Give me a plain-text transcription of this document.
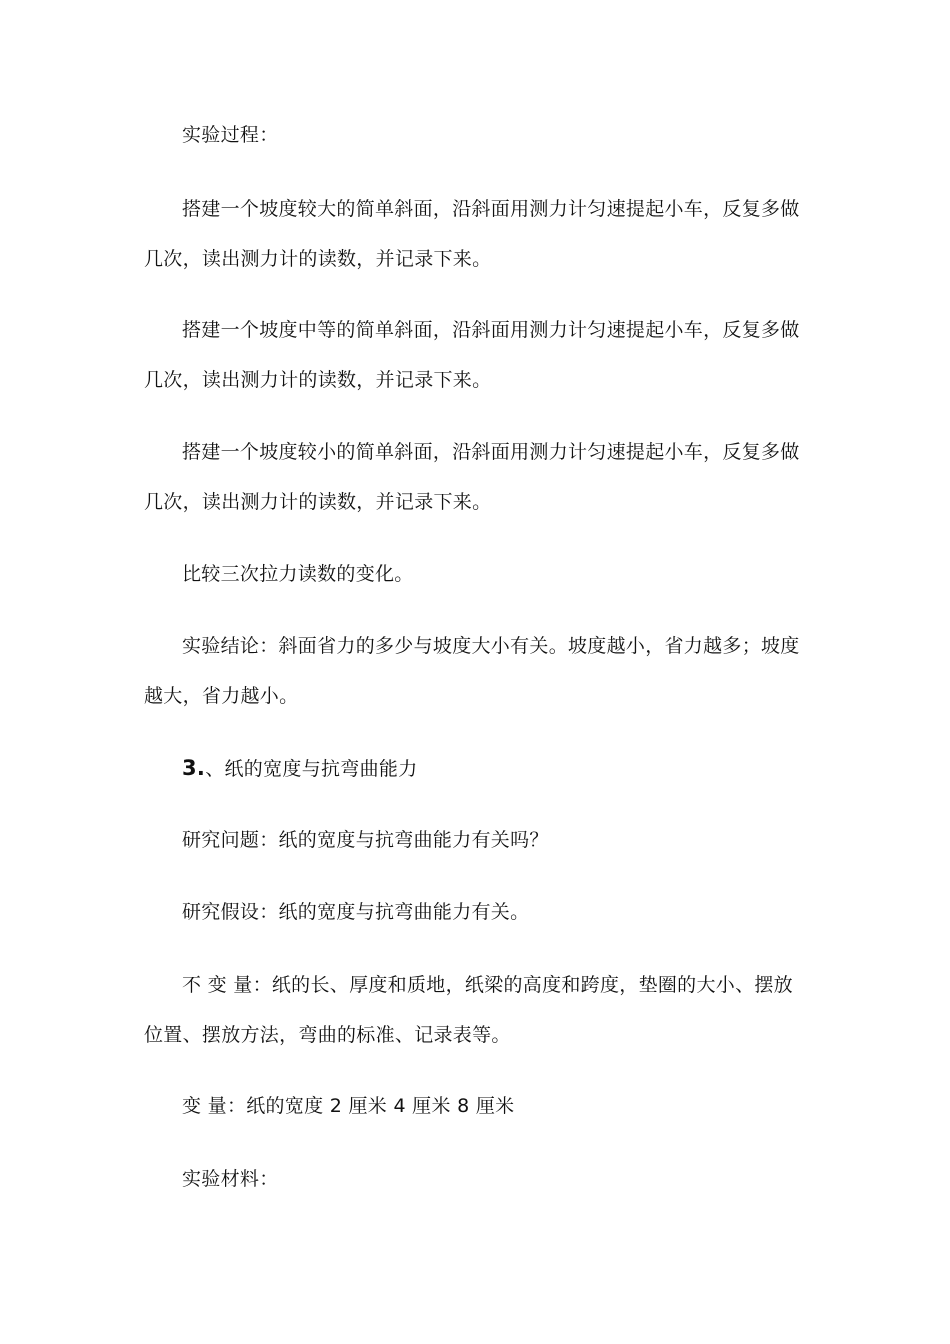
实验过程：
搭建一个坡度较大的简单斜面，沿斜面用测力计匀速提起小车，反复多做几次，读出测力计的读数，并记录下来。
搭建一个坡度中等的简单斜面，沿斜面用测力计匀速提起小车，反复多做几次，读出测力计的读数，并记录下来。
搭建一个坡度较小的简单斜面，沿斜面用测力计匀速提起小车，反复多做几次，读出测力计的读数，并记录下来。
比较三次拉力读数的变化。
实验结论：斜面省力的多少与坡度大小有关。坡度越小，省力越多；坡度越大，省力越小。
3.、纸的宽度与抗弯曲能力
研究问题：纸的宽度与抗弯曲能力有关吗？
研究假设：纸的宽度与抗弯曲能力有关。
不 变 量：纸的长、厚度和质地，纸梁的高度和跨度，垫圈的大小、摆放位置、摆放方法，弯曲的标准、记录表等。
变 量：纸的宽度 2 厘米 4 厘米 8 厘米
实验材料：
